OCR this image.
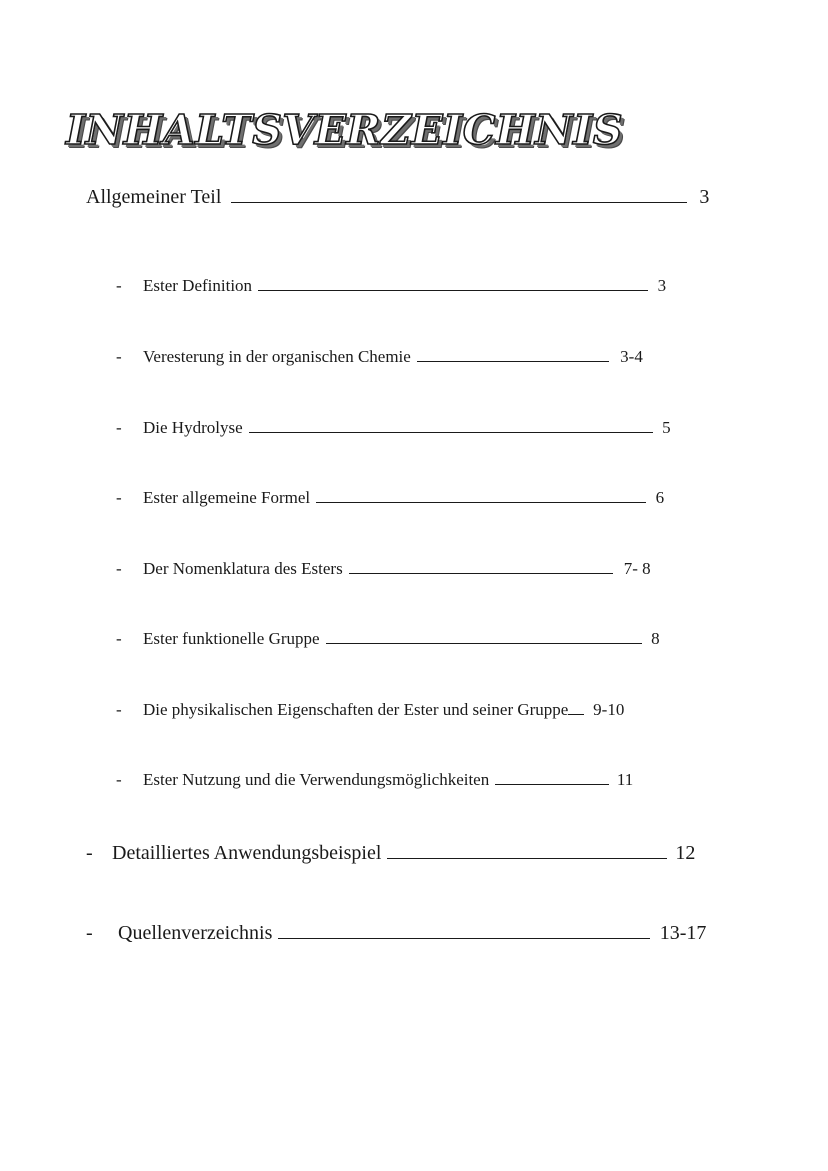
INHALTSVERZEICHNIS
Allgemeiner Teil	3
-	Ester Definition	3
-	Veresterung in der organischen Chemie	3-4
-	Die Hydrolyse	5
-	Ester allgemeine Formel	6
-	Der Nomenklatura des Esters	7- 8
-	Ester funktionelle Gruppe	8
-	Die physikalischen Eigenschaften der Ester und seiner Gruppe	9-10
-	Ester Nutzung und die Verwendungsmöglichkeiten	11
- Detailliertes Anwendungsbeispiel	12
-	Quellenverzeichnis	13-17
